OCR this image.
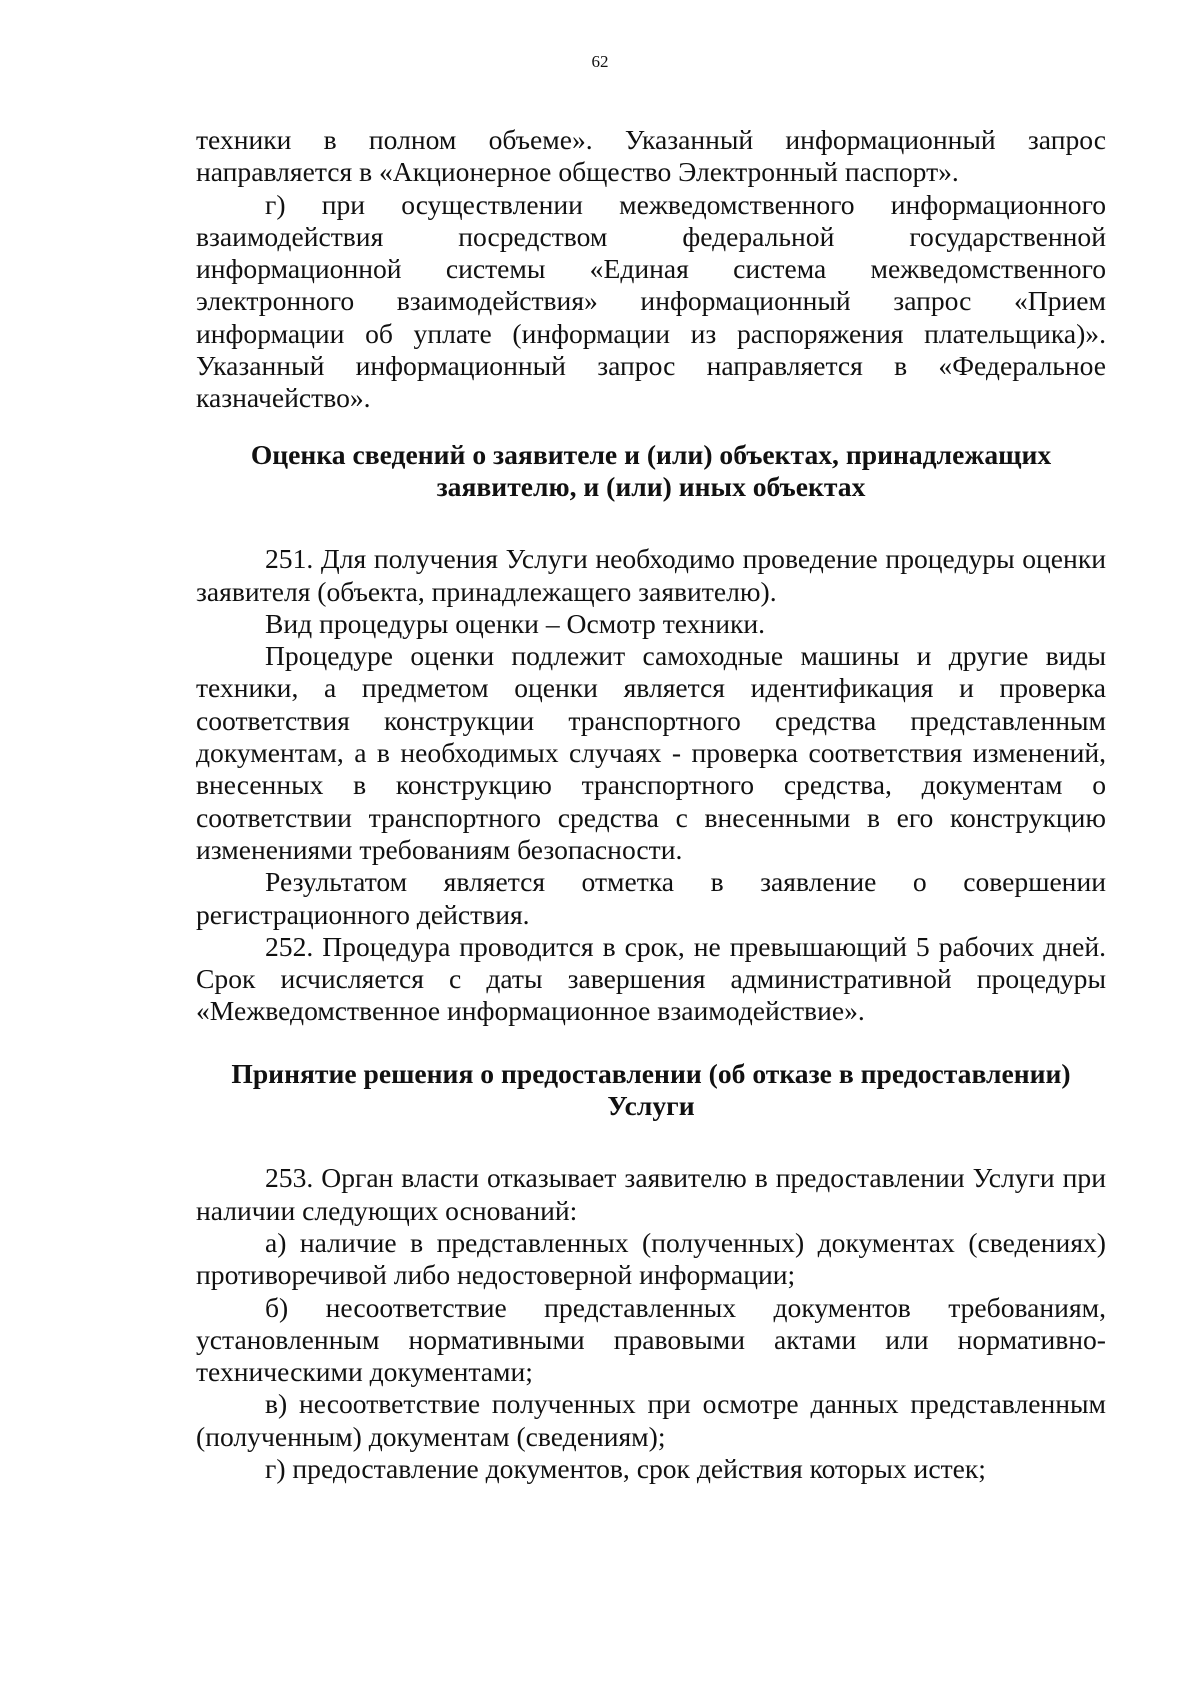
62

техники в полном объеме». Указанный информационный запрос направляется в «Акционерное общество Электронный паспорт».

г) при осуществлении межведомственного информационного взаимодействия посредством федеральной государственной информационной системы «Единая система межведомственного электронного взаимодействия» информационный запрос «Прием информации об уплате (информации из распоряжения плательщика)». Указанный информационный запрос направляется в «Федеральное казначейство».

Оценка сведений о заявителе и (или) объектах, принадлежащих
заявителю, и (или) иных объектах

251. Для получения Услуги необходимо проведение процедуры оценки заявителя (объекта, принадлежащего заявителю).

Вид процедуры оценки – Осмотр техники.

Процедуре оценки подлежит самоходные машины и другие виды техники, а предметом оценки является идентификация и проверка соответствия конструкции транспортного средства представленным документам, а в необходимых случаях - проверка соответствия изменений, внесенных в конструкцию транспортного средства, документам о соответствии транспортного средства с внесенными в его конструкцию изменениями требованиям безопасности.

Результатом является отметка в заявление о совершении регистрационного действия.

252. Процедура проводится в срок, не превышающий 5 рабочих дней. Срок исчисляется с даты завершения административной процедуры «Межведомственное информационное взаимодействие».

Принятие решения о предоставлении (об отказе в предоставлении)
Услуги

253. Орган власти отказывает заявителю в предоставлении Услуги при наличии следующих оснований:

а) наличие в представленных (полученных) документах (сведениях) противоречивой либо недостоверной информации;

б) несоответствие представленных документов требованиям, установленным нормативными правовыми актами или нормативно-техническими документами;

в) несоответствие полученных при осмотре данных представленным (полученным) документам (сведениям);

г) предоставление документов, срок действия которых истек;
